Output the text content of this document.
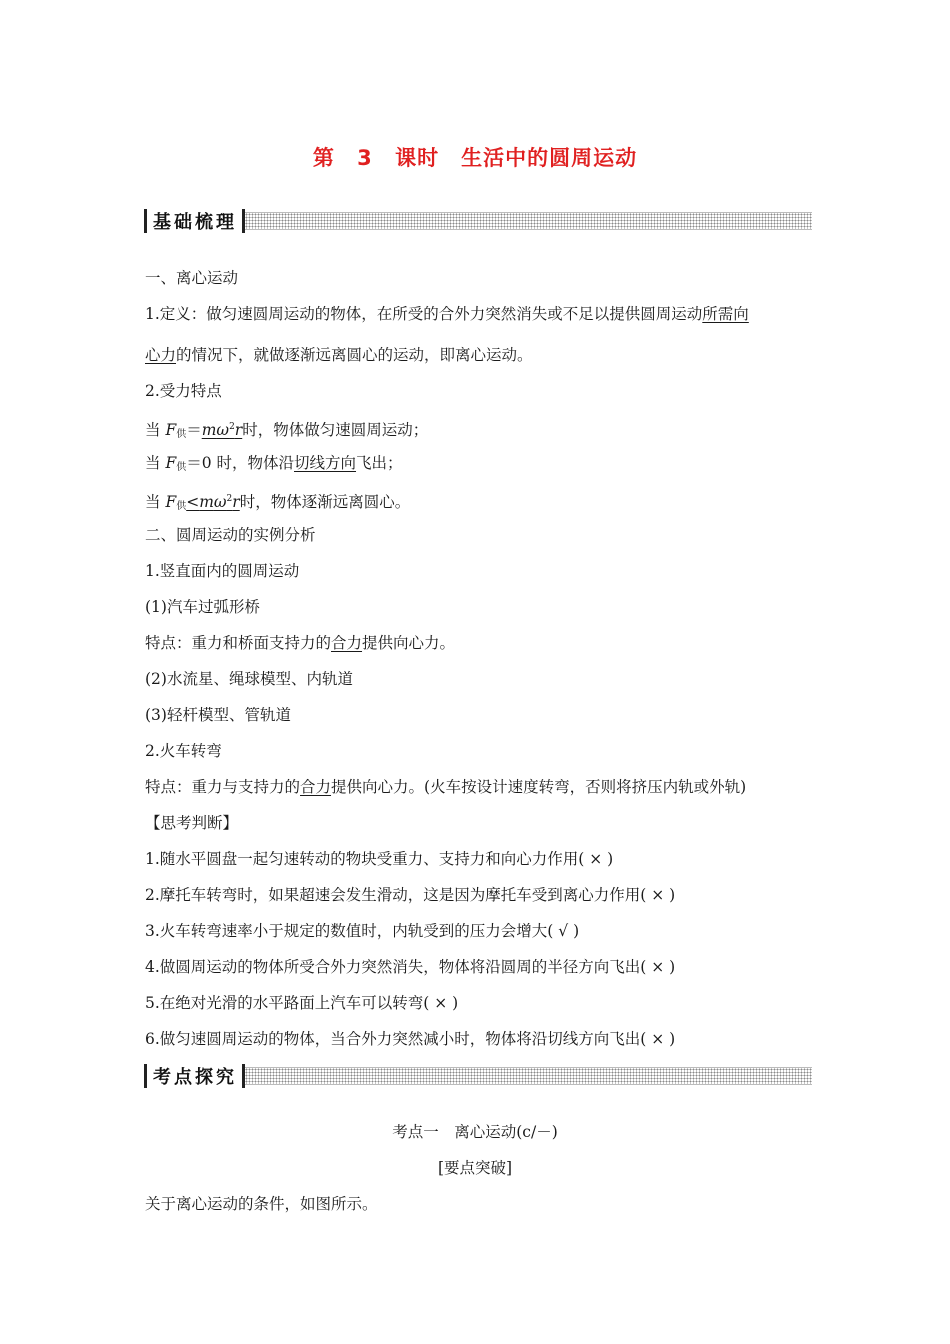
第 3 课时　生活中的圆周运动
基础梳理
一、离心运动
1.定义：做匀速圆周运动的物体，在所受的合外力突然消失或不足以提供圆周运动所需向
心力的情况下，就做逐渐远离圆心的运动，即离心运动。
2.受力特点
当 $F_供=m\omega^2r$时，物体做匀速圆周运动；
当 $F_供=0$ 时，物体沿切线方向飞出；
当 $F_供<m\omega^2r$时，物体逐渐远离圆心。
二、圆周运动的实例分析
1.竖直面内的圆周运动
(1)汽车过弧形桥
特点：重力和桥面支持力的合力提供向心力。
(2)水流星、绳球模型、内轨道
(3)轻杆模型、管轨道
2.火车转弯
特点：重力与支持力的合力提供向心力。(火车按设计速度转弯，否则将挤压内轨或外轨)
【思考判断】
1.随水平圆盘一起匀速转动的物块受重力、支持力和向心力作用( × )
2.摩托车转弯时，如果超速会发生滑动，这是因为摩托车受到离心力作用( × )
3.火车转弯速率小于规定的数值时，内轨受到的压力会增大( √ )
4.做圆周运动的物体所受合外力突然消失，物体将沿圆周的半径方向飞出( × )
5.在绝对光滑的水平路面上汽车可以转弯( × )
6.做匀速圆周运动的物体，当合外力突然减小时，物体将沿切线方向飞出( × )
考点探究
考点一　离心运动(c/－)
[要点突破]
关于离心运动的条件，如图所示。
